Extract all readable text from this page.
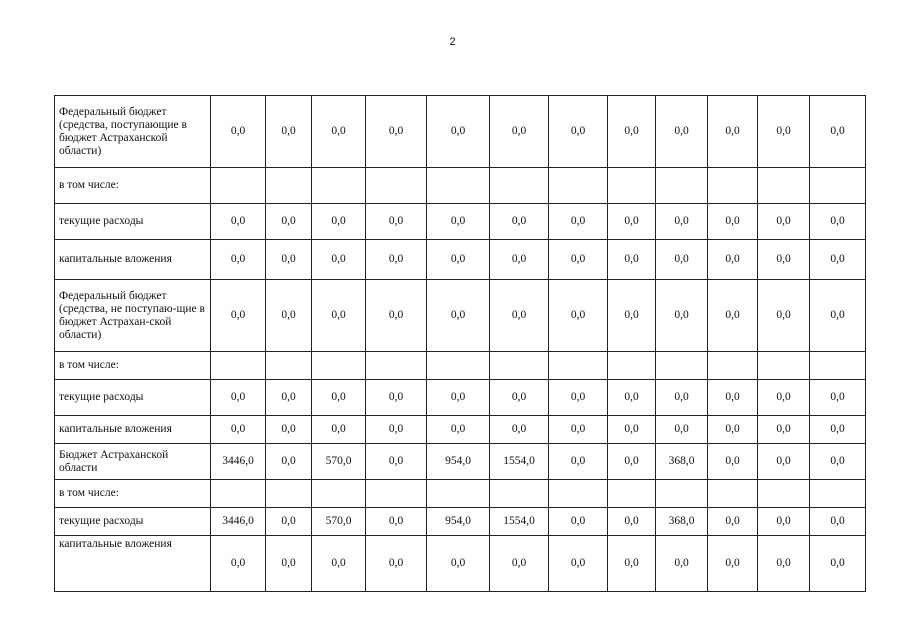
2
Федеральный бюджет (средства, поступающие в бюджет Астраханской области)	0,0	0,0	0,0	0,0	0,0	0,0	0,0	0,0	0,0	0,0	0,0	0,0
в том числе:												
текущие расходы	0,0	0,0	0,0	0,0	0,0	0,0	0,0	0,0	0,0	0,0	0,0	0,0
капитальные вложения	0,0	0,0	0,0	0,0	0,0	0,0	0,0	0,0	0,0	0,0	0,0	0,0
Федеральный бюджет (средства, не поступаю-щие в бюджет Астрахан-ской области)	0,0	0,0	0,0	0,0	0,0	0,0	0,0	0,0	0,0	0,0	0,0	0,0
в том числе:												
текущие расходы	0,0	0,0	0,0	0,0	0,0	0,0	0,0	0,0	0,0	0,0	0,0	0,0
капитальные вложения	0,0	0,0	0,0	0,0	0,0	0,0	0,0	0,0	0,0	0,0	0,0	0,0
Бюджет Астраханской области	3446,0	0,0	570,0	0,0	954,0	1554,0	0,0	0,0	368,0	0,0	0,0	0,0
в том числе:												
текущие расходы	3446,0	0,0	570,0	0,0	954,0	1554,0	0,0	0,0	368,0	0,0	0,0	0,0
капитальные вложения	0,0	0,0	0,0	0,0	0,0	0,0	0,0	0,0	0,0	0,0	0,0	0,0
